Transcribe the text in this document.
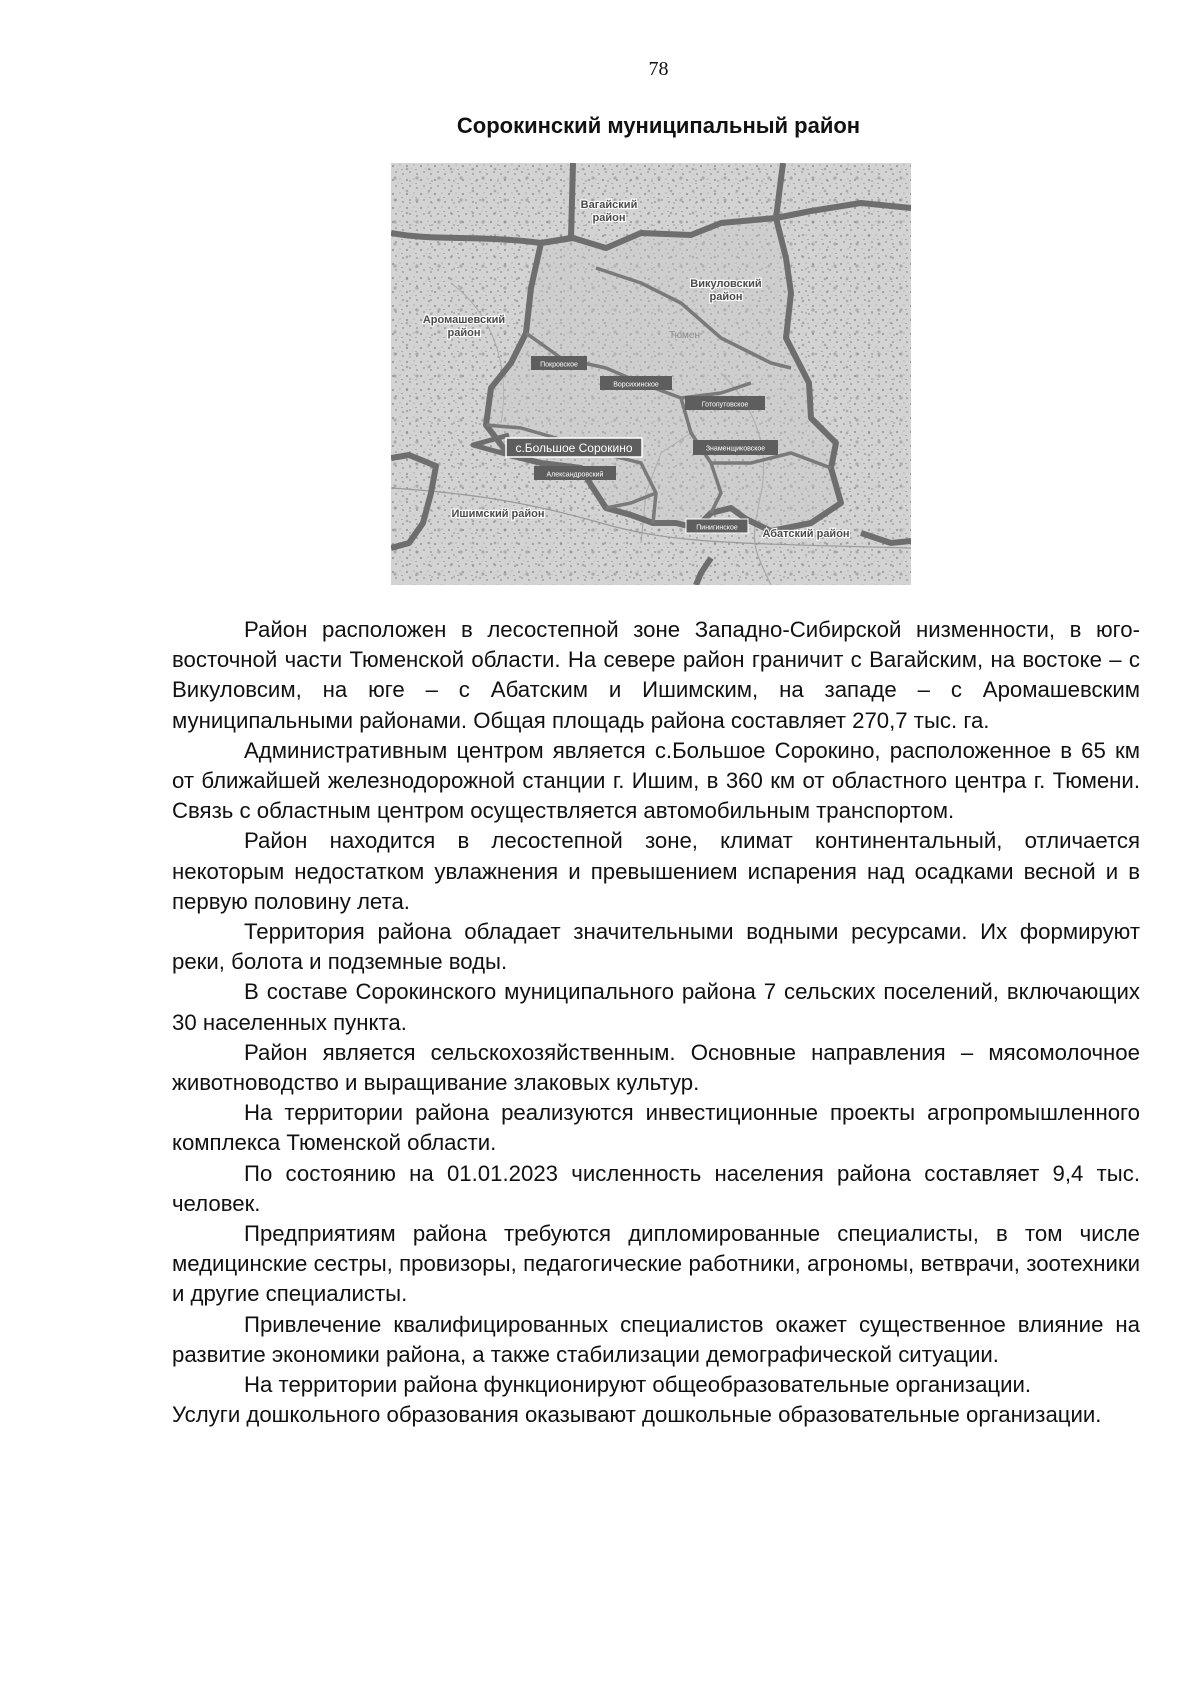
78
Сорокинский муниципальный район
Вагайский
район
Викуловский
район
Аромашевский
район
Ишимский район
Абатский район
Тюмен
Покровское
Ворсихинское
Готопутовское
с.Большое Сорокино	Знаменщиковское
Александровский
Пинигинское

Район расположен в лесостепной зоне Западно-Сибирской низменности, в юго-восточной части Тюменской области. На севере район граничит с Вагайским, на востоке – с Викуловсим, на юге – с Абатским и Ишимским, на западе – с Аромашевским муниципальными районами. Общая площадь района составляет 270,7 тыс. га.

Административным центром является с.Большое Сорокино, расположенное в 65 км от ближайшей железнодорожной станции г. Ишим, в 360 км от областного центра г. Тюмени. Связь с областным центром осуществляется автомобильным транспортом.

Район находится в лесостепной зоне, климат континентальный, отличается некоторым недостатком увлажнения и превышением испарения над осадками весной и в первую половину лета.

Территория района обладает значительными водными ресурсами. Их формируют реки, болота и подземные воды.

В составе Сорокинского муниципального района 7 сельских поселений, включающих 30 населенных пункта.

Район является сельскохозяйственным. Основные направления – мясомолочное животноводство и выращивание злаковых культур.

На территории района реализуются инвестиционные проекты агропромышленного комплекса Тюменской области.

По состоянию на 01.01.2023 численность населения района составляет 9,4 тыс. человек.

Предприятиям района требуются дипломированные специалисты, в том числе медицинские сестры, провизоры, педагогические работники, агрономы, ветврачи, зоотехники и другие специалисты.

Привлечение квалифицированных специалистов окажет существенное влияние на развитие экономики района, а также стабилизации демографической ситуации.

На территории района функционируют общеобразовательные организации.

Услуги дошкольного образования оказывают дошкольные образовательные организации.
